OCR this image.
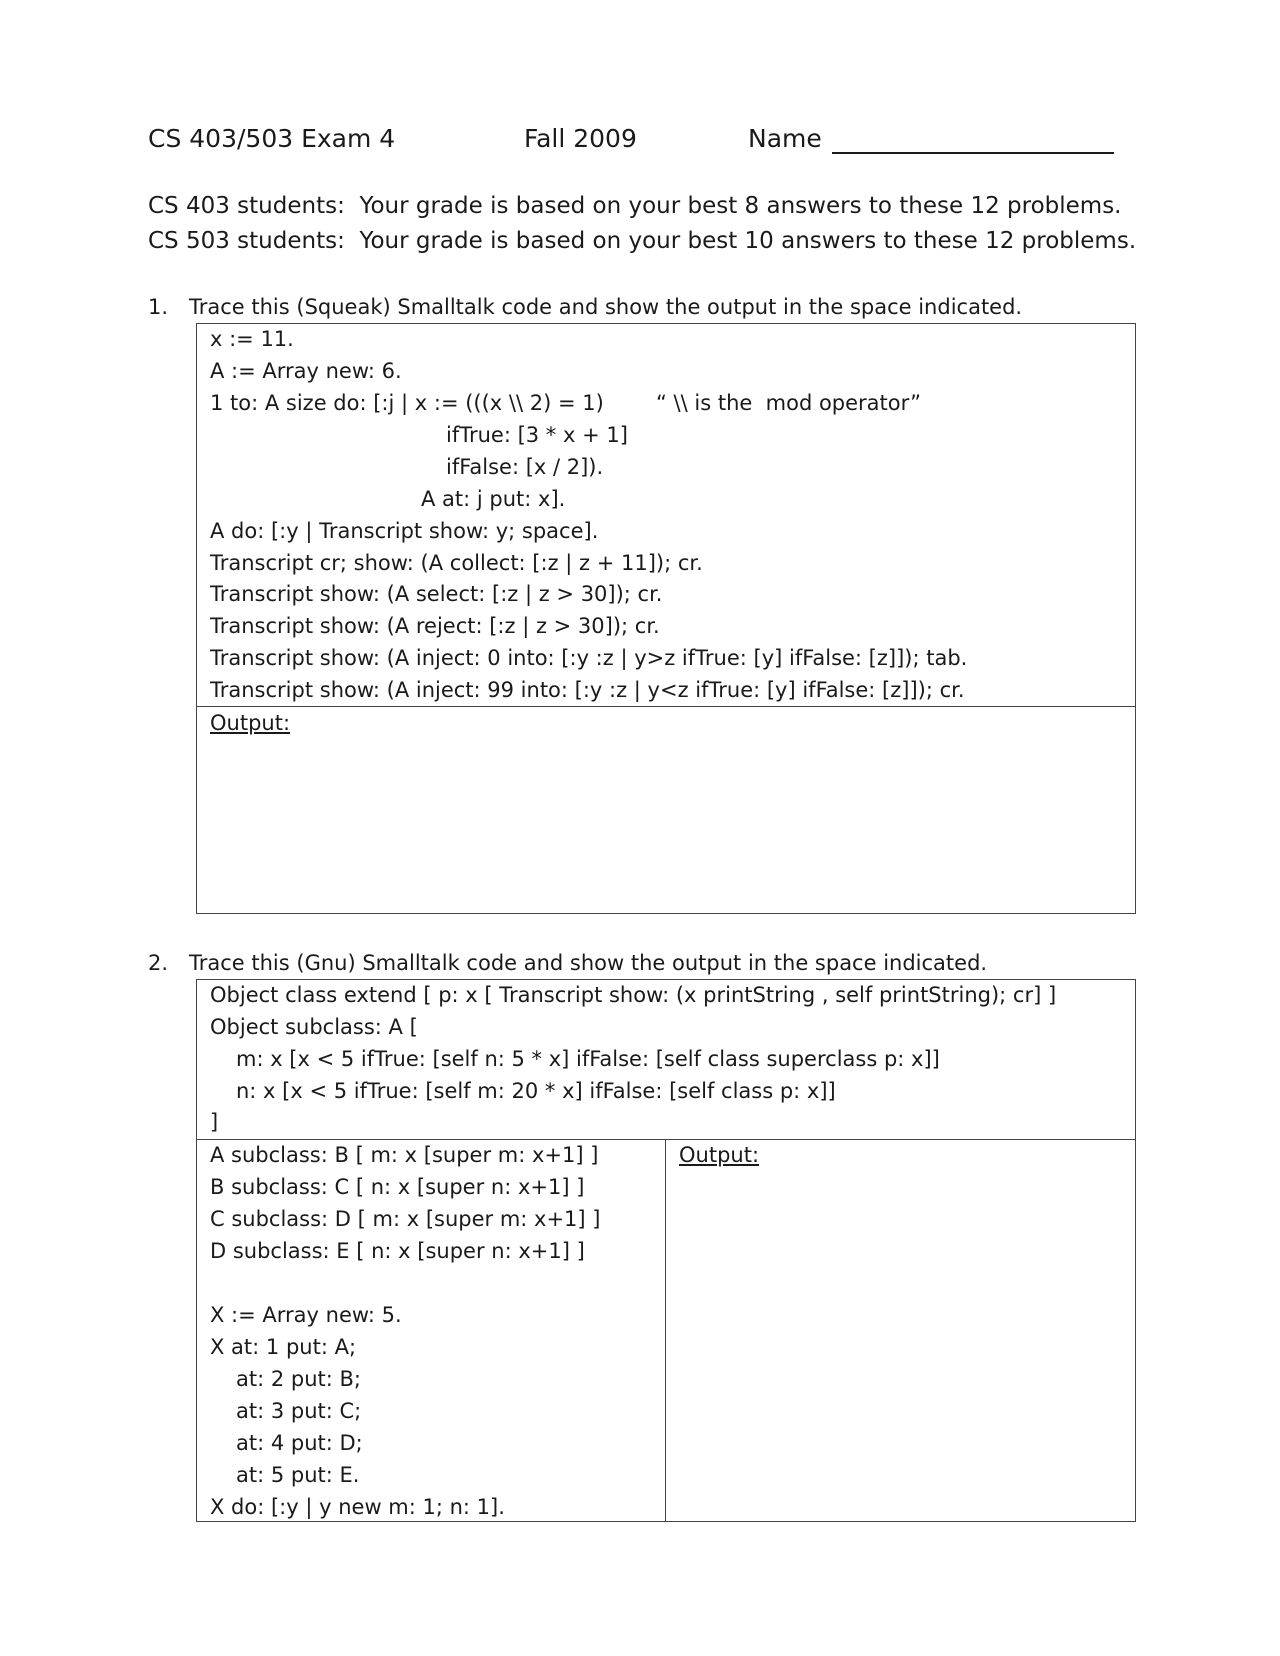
CS 403/503 Exam 4	Fall 2009	Name
CS 403 students:  Your grade is based on your best 8 answers to these 12 problems.
CS 503 students:  Your grade is based on your best 10 answers to these 12 problems.
1. Trace this (Squeak) Smalltalk code and show the output in the space indicated.
x := 11.
A := Array new: 6.
1 to: A size do: [:j | x := (((x \\ 2) = 1) “ \\ is the  mod operator”
ifTrue: [3 * x + 1]
ifFalse: [x / 2]).
A at: j put: x].
A do: [:y | Transcript show: y; space].
Transcript cr; show: (A collect: [:z | z + 11]); cr.
Transcript show: (A select: [:z | z > 30]); cr.
Transcript show: (A reject: [:z | z > 30]); cr.
Transcript show: (A inject: 0 into: [:y :z | y>z ifTrue: [y] ifFalse: [z]]); tab.
Transcript show: (A inject: 99 into: [:y :z | y<z ifTrue: [y] ifFalse: [z]]); cr.
Output:
2. Trace this (Gnu) Smalltalk code and show the output in the space indicated.
Object class extend [ p: x [ Transcript show: (x printString , self printString); cr] ]
Object subclass: A [
m: x [x < 5 ifTrue: [self n: 5 * x] ifFalse: [self class superclass p: x]]
n: x [x < 5 ifTrue: [self m: 20 * x] ifFalse: [self class p: x]]
]
A subclass: B [ m: x [super m: x+1] ]
B subclass: C [ n: x [super n: x+1] ]
C subclass: D [ m: x [super m: x+1] ]
D subclass: E [ n: x [super n: x+1] ]
X := Array new: 5.
X at: 1 put: A;
at: 2 put: B;
at: 3 put: C;
at: 4 put: D;
at: 5 put: E.
X do: [:y | y new m: 1; n: 1].
Output:
